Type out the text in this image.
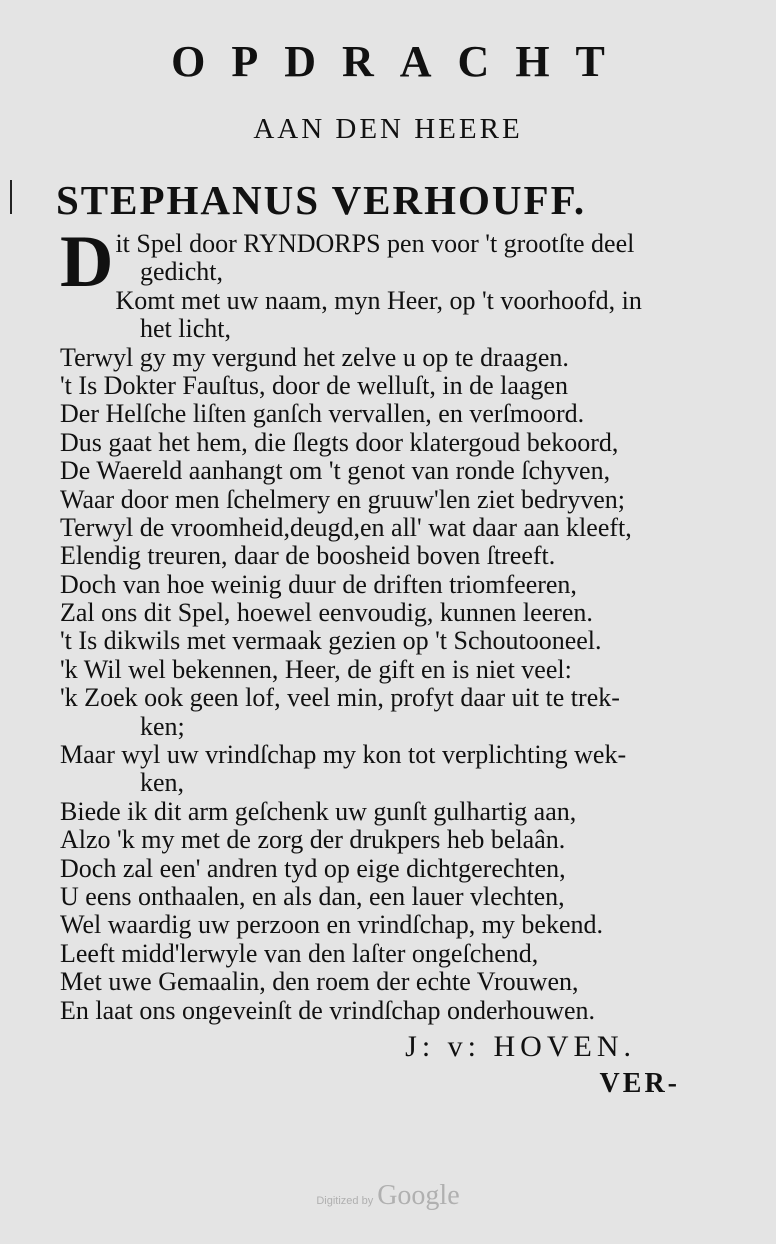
OPDRACHT
AAN DEN HEERE
STEPHANUS VERHOUFF.
D it Spel door RYNDORPS pen voor 't grootſte deel
gedicht,
Komt met uw naam, myn Heer, op 't voorhoofd, in
het licht,
Terwyl gy my vergund het zelve u op te draagen.
't Is Dokter Fauſtus, door de welluſt, in de laagen
Der Helſche liſten ganſch vervallen, en verſmoord.
Dus gaat het hem, die ſlegts door klatergoud bekoord,
De Waereld aanhangt om 't genot van ronde ſchyven,
Waar door men ſchelmery en gruuw'len ziet bedryven;
Terwyl de vroomheid,deugd,en all' wat daar aan kleeft,
Elendig treuren, daar de boosheid boven ſtreeft.
Doch van hoe weinig duur de driften triomfeeren,
Zal ons dit Spel, hoewel eenvoudig, kunnen leeren.
't Is dikwils met vermaak gezien op 't Schoutooneel.
'k Wil wel bekennen, Heer, de gift en is niet veel:
'k Zoek ook geen lof, veel min, profyt daar uit te trek-
ken;
Maar wyl uw vrindſchap my kon tot verplichting wek-
ken,
Biede ik dit arm geſchenk uw gunſt gulhartig aan,
Alzo 'k my met de zorg der drukpers heb belaân.
Doch zal een' andren tyd op eige dichtgerechten,
U eens onthaalen, en als dan, een lauer vlechten,
Wel waardig uw perzoon en vrindſchap, my bekend.
Leeft midd'lerwyle van den laſter ongeſchend,
Met uwe Gemaalin, den roem der echte Vrouwen,
En laat ons ongeveinſt de vrindſchap onderhouwen.
J: v: HOVEN.
VER-
Digitized by Google
